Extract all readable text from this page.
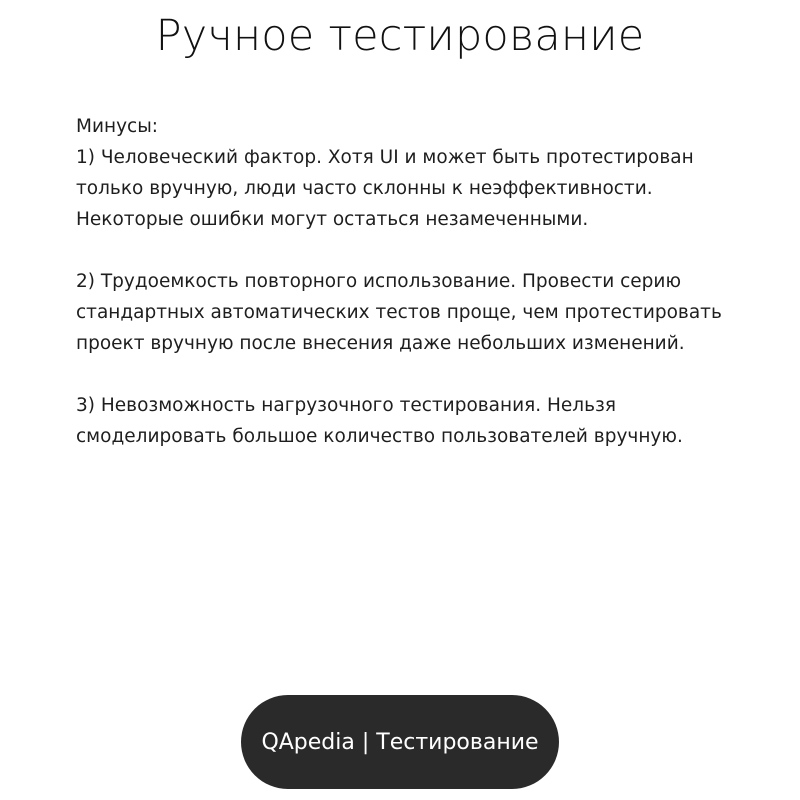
Ручное тестирование
Минусы:
1) Человеческий фактор. Хотя UI и может быть протестирован
только вручную, люди часто склонны к неэффективности.
Некоторые ошибки могут остаться незамеченными.
2) Трудоемкость повторного использование. Провести серию
стандартных автоматических тестов проще, чем протестировать
проект вручную после внесения даже небольших изменений.
3) Невозможность нагрузочного тестирования. Нельзя
смоделировать большое количество пользователей вручную.
QApedia | Тестирование
